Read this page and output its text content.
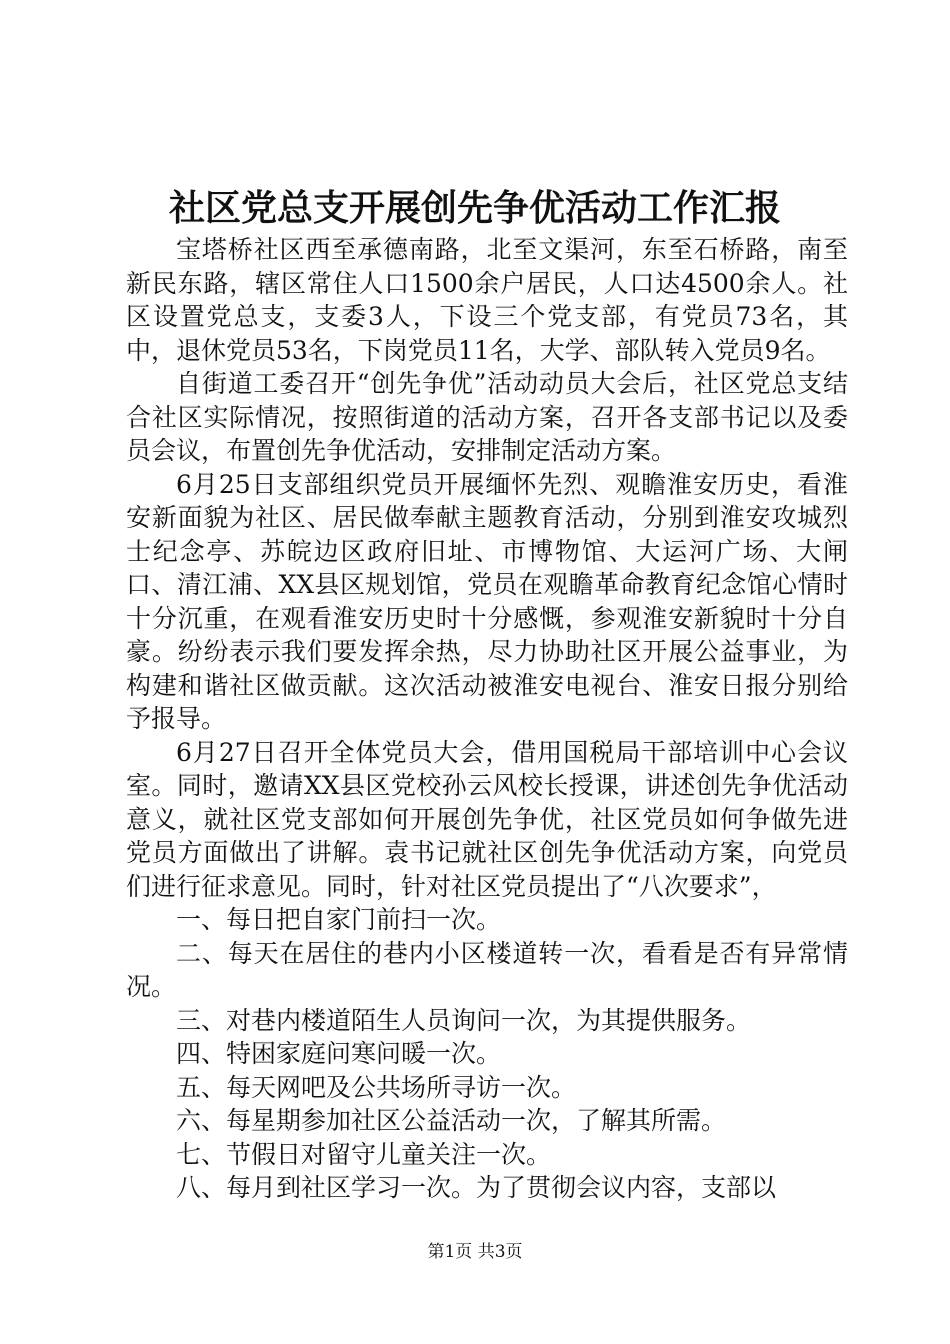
社区党总支开展创先争优活动工作汇报

宝塔桥社区西至承德南路，北至文渠河，东至石桥路，南至新民东路，辖区常住人口1500余户居民，人口达4500余人。社区设置党总支，支委3人，下设三个党支部，有党员73名，其中，退休党员53名，下岗党员11名，大学、部队转入党员9名。

自街道工委召开“创先争优”活动动员大会后，社区党总支结合社区实际情况，按照街道的活动方案，召开各支部书记以及委员会议，布置创先争优活动，安排制定活动方案。

6月25日支部组织党员开展缅怀先烈、观瞻淮安历史，看淮安新面貌为社区、居民做奉献主题教育活动，分别到淮安攻城烈士纪念亭、苏皖边区政府旧址、市博物馆、大运河广场、大闸口、清江浦、XX县区规划馆，党员在观瞻革命教育纪念馆心情时十分沉重，在观看淮安历史时十分感慨，参观淮安新貌时十分自豪。纷纷表示我们要发挥余热，尽力协助社区开展公益事业，为构建和谐社区做贡献。这次活动被淮安电视台、淮安日报分别给予报导。

6月27日召开全体党员大会，借用国税局干部培训中心会议室。同时，邀请XX县区党校孙云风校长授课，讲述创先争优活动意义，就社区党支部如何开展创先争优，社区党员如何争做先进党员方面做出了讲解。袁书记就社区创先争优活动方案，向党员们进行征求意见。同时，针对社区党员提出了“八次要求”，

一、每日把自家门前扫一次。

二、每天在居住的巷内小区楼道转一次，看看是否有异常情况。

三、对巷内楼道陌生人员询问一次，为其提供服务。

四、特困家庭问寒问暖一次。

五、每天网吧及公共场所寻访一次。

六、每星期参加社区公益活动一次，了解其所需。

七、节假日对留守儿童关注一次。

八、每月到社区学习一次。为了贯彻会议内容，支部以

第1页 共3页
